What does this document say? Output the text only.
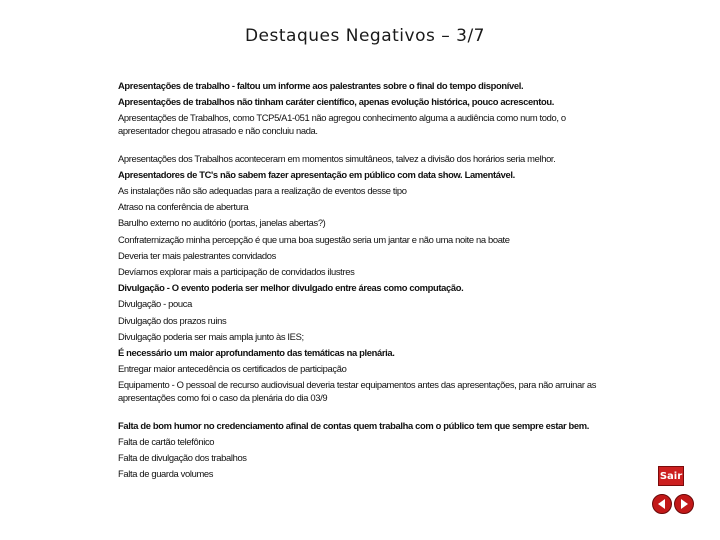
Destaques Negativos – 3/7
Apresentações de trabalho - faltou um informe aos palestrantes sobre o final do tempo disponível.
Apresentações de trabalhos não tinham caráter científico, apenas evolução histórica, pouco acrescentou.
Apresentações de Trabalhos, como TCP5/A1-051 não agregou conhecimento alguma a audiência como num todo, o apresentador chegou atrasado e não concluiu nada.
Apresentações dos Trabalhos aconteceram em momentos simultâneos, talvez a divisão dos horários seria melhor.
Apresentadores de TC's não sabem fazer apresentação em público com data show. Lamentável.
As instalações não são adequadas para a realização de eventos desse tipo
Atraso na conferência de abertura
Barulho externo no auditório (portas, janelas abertas?)
Confraternização minha percepção é que uma boa sugestão seria um jantar e não uma noite na boate
Deveria ter mais palestrantes convidados
Devíamos explorar mais a participação de convidados ilustres
Divulgação - O evento poderia ser melhor divulgado entre áreas como computação.
Divulgação - pouca
Divulgação dos prazos ruins
Divulgação poderia ser mais ampla junto às IES;
É necessário um maior aprofundamento das temáticas na plenária.
Entregar maior antecedência os certificados de participação
Equipamento - O pessoal de recurso audiovisual deveria testar equipamentos antes das apresentações, para não arruinar as apresentações como foi o caso da plenária do dia 03/9
Falta de bom humor no credenciamento afinal de contas quem trabalha com o público tem que sempre estar bem.
Falta de cartão telefônico
Falta de divulgação dos trabalhos
Falta de guarda volumes	Sair
